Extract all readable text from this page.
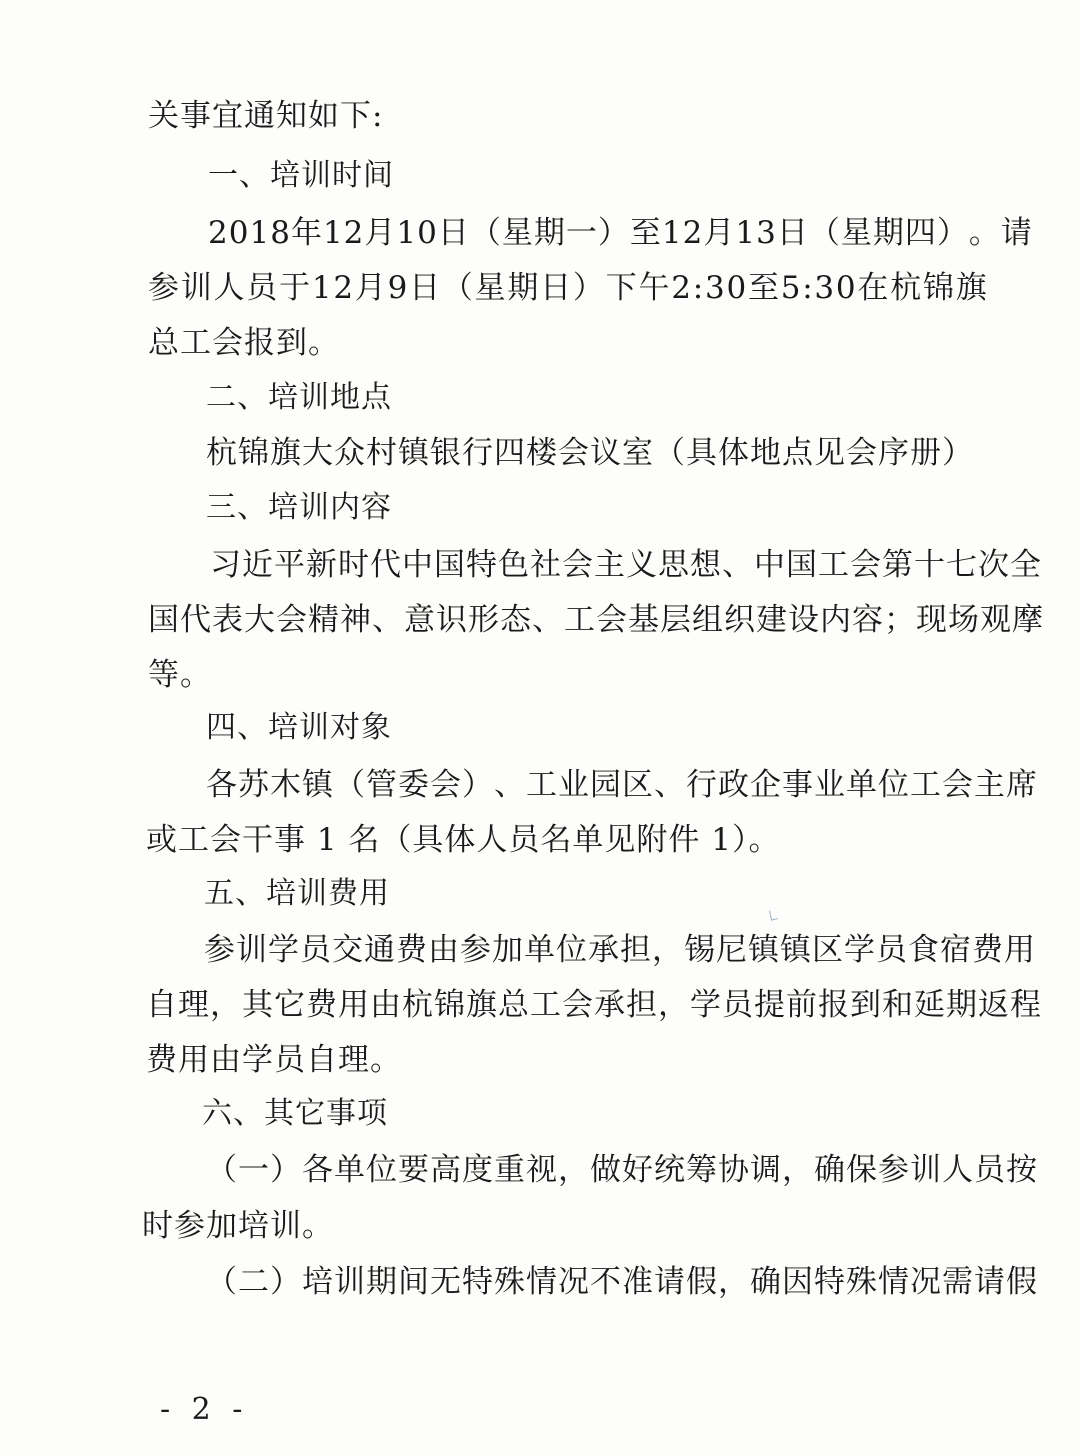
关事宜通知如下:
一、培训时间
2 0 1 8 年 1 2 月 1 0 日 （ 星 期 一 ） 至 1 2 月 1 3 日 （ 星 期 四 ） 。 请
参 训 人 员 于 1 2 月 9 日 （ 星 期 日 ） 下 午 2 : 3 0 至 5 : 3 0 在 杭 锦 旗
总工会报到。
二、培训地点
杭锦旗大众村镇银行四楼会议室（具体地点见会序册）
三、培训内容
习 近 平 新 时 代 中 国 特 色 社 会 主 义 思 想 、 中 国 工 会 第 十 七 次 全
国 代 表 大 会 精 神 、 意 识 形 态 、 工 会 基 层 组 织 建 设 内 容 ； 现 场 观 摩
等。
四、培训对象
各 苏 木 镇 （ 管 委 会 ） 、 工 业 园 区 、 行 政 企 事 业 单 位 工 会 主 席
或工会干事 1 名（具体人员名单见附件 1）。
五、培训费用
参 训 学 员 交 通 费 由 参 加 单 位 承 担 ， 锡 尼 镇 镇 区 学 员 食 宿 费 用
自 理 ， 其 它 费 用 由 杭 锦 旗 总 工 会 承 担 ， 学 员 提 前 报 到 和 延 期 返 程
费用由学员自理。
六、其它事项
（ 一 ） 各 单 位 要 高 度 重 视 ， 做 好 统 筹 协 调 ， 确 保 参 训 人 员 按
时参加培训。
（ 二 ） 培 训 期 间 无 特 殊 情 况 不 准 请 假 ， 确 因 特 殊 情 况 需 请 假
- 2 -
